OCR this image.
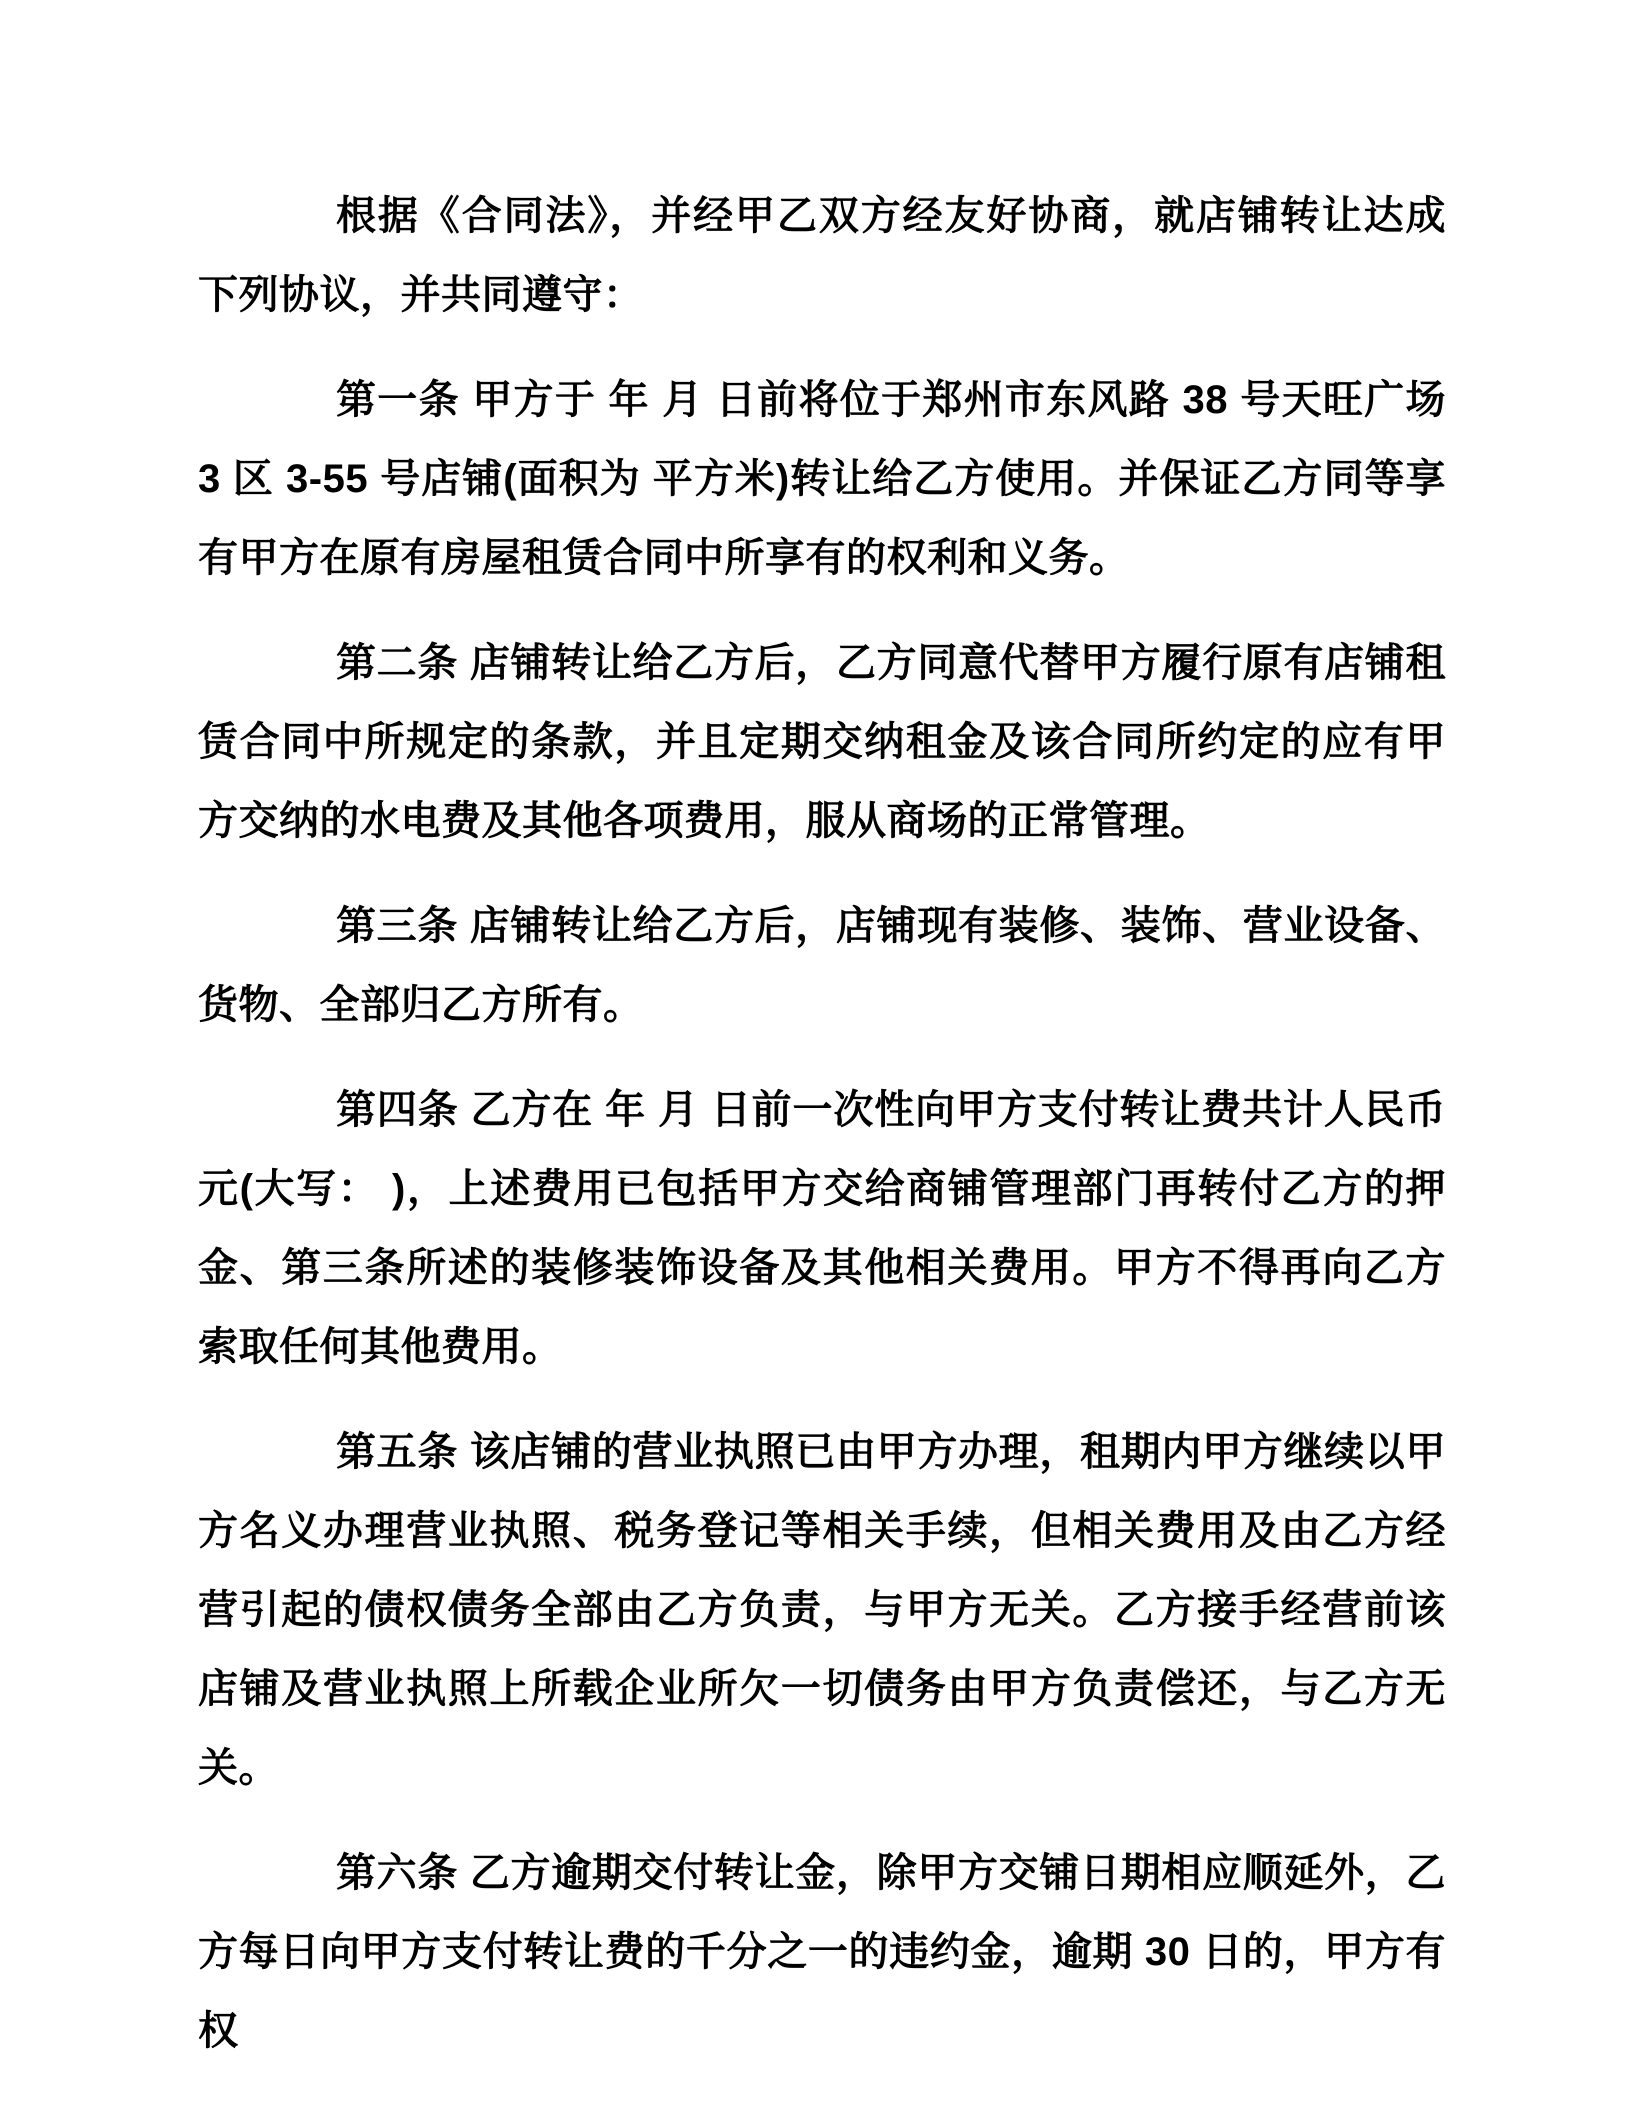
根据《合同法》，并经甲乙双方经友好协商，就店铺转让达成下列协议，并共同遵守：

第一条 甲方于 年 月 日前将位于郑州市东风路 38 号天旺广场 3 区 3-55 号店铺(面积为 平方米)转让给乙方使用。并保证乙方同等享有甲方在原有房屋租赁合同中所享有的权利和义务。

第二条 店铺转让给乙方后，乙方同意代替甲方履行原有店铺租赁合同中所规定的条款，并且定期交纳租金及该合同所约定的应有甲方交纳的水电费及其他各项费用，服从商场的正常管理。

第三条 店铺转让给乙方后，店铺现有装修、装饰、营业设备、货物、全部归乙方所有。

第四条 乙方在 年 月 日前一次性向甲方支付转让费共计人民币元(大写： )，上述费用已包括甲方交给商铺管理部门再转付乙方的押金、第三条所述的装修装饰设备及其他相关费用。甲方不得再向乙方索取任何其他费用。

第五条 该店铺的营业执照已由甲方办理，租期内甲方继续以甲方名义办理营业执照、税务登记等相关手续，但相关费用及由乙方经营引起的债权债务全部由乙方负责，与甲方无关。乙方接手经营前该店铺及营业执照上所载企业所欠一切债务由甲方负责偿还，与乙方无关。

第六条 乙方逾期交付转让金，除甲方交铺日期相应顺延外，乙方每日向甲方支付转让费的千分之一的违约金，逾期 30 日的，甲方有权
